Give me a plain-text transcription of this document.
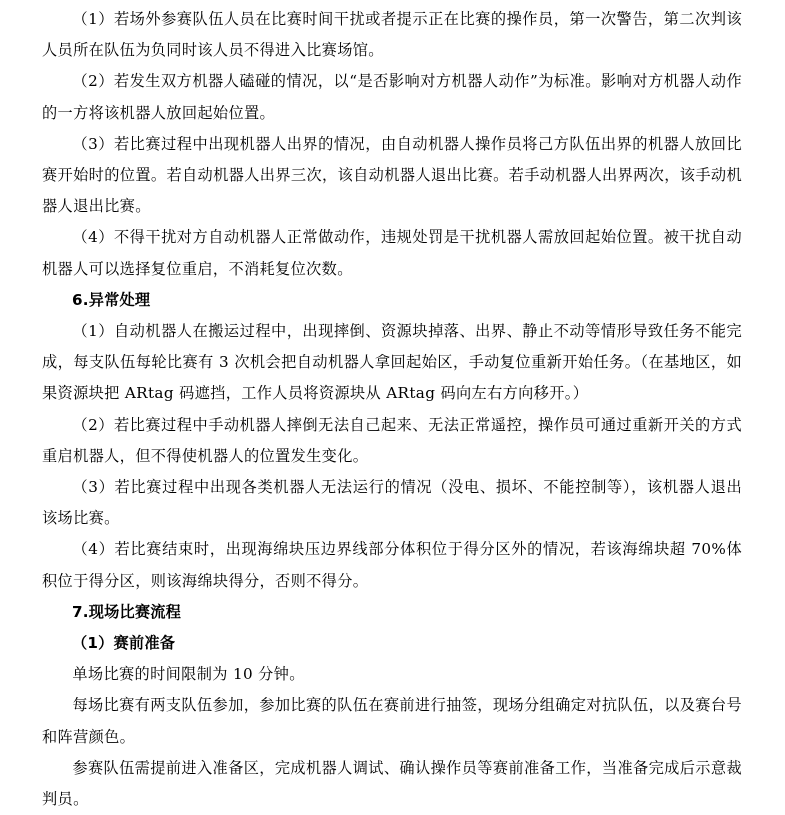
（1）若场外参赛队伍人员在比赛时间干扰或者提示正在比赛的操作员，第一次警告，第二次判该人员所在队伍为负同时该人员不得进入比赛场馆。

（2）若发生双方机器人磕碰的情况，以“是否影响对方机器人动作”为标准。影响对方机器人动作的一方将该机器人放回起始位置。

（3）若比赛过程中出现机器人出界的情况，由自动机器人操作员将己方队伍出界的机器人放回比赛开始时的位置。若自动机器人出界三次，该自动机器人退出比赛。若手动机器人出界两次，该手动机器人退出比赛。

（4）不得干扰对方自动机器人正常做动作，违规处罚是干扰机器人需放回起始位置。被干扰自动机器人可以选择复位重启，不消耗复位次数。

6.异常处理

（1）自动机器人在搬运过程中，出现摔倒、资源块掉落、出界、静止不动等情形导致任务不能完成，每支队伍每轮比赛有 3 次机会把自动机器人拿回起始区，手动复位重新开始任务。（在基地区，如果资源块把 ARtag 码遮挡，工作人员将资源块从 ARtag 码向左右方向移开。）

（2）若比赛过程中手动机器人摔倒无法自己起来、无法正常遥控，操作员可通过重新开关的方式重启机器人，但不得使机器人的位置发生变化。

（3）若比赛过程中出现各类机器人无法运行的情况（没电、损坏、不能控制等），该机器人退出该场比赛。

（4）若比赛结束时，出现海绵块压边界线部分体积位于得分区外的情况，若该海绵块超 70%体积位于得分区，则该海绵块得分，否则不得分。

7.现场比赛流程
（1）赛前准备

单场比赛的时间限制为 10 分钟。

每场比赛有两支队伍参加，参加比赛的队伍在赛前进行抽签，现场分组确定对抗队伍，以及赛台号和阵营颜色。

参赛队伍需提前进入准备区，完成机器人调试、确认操作员等赛前准备工作，当准备完成后示意裁判员。
